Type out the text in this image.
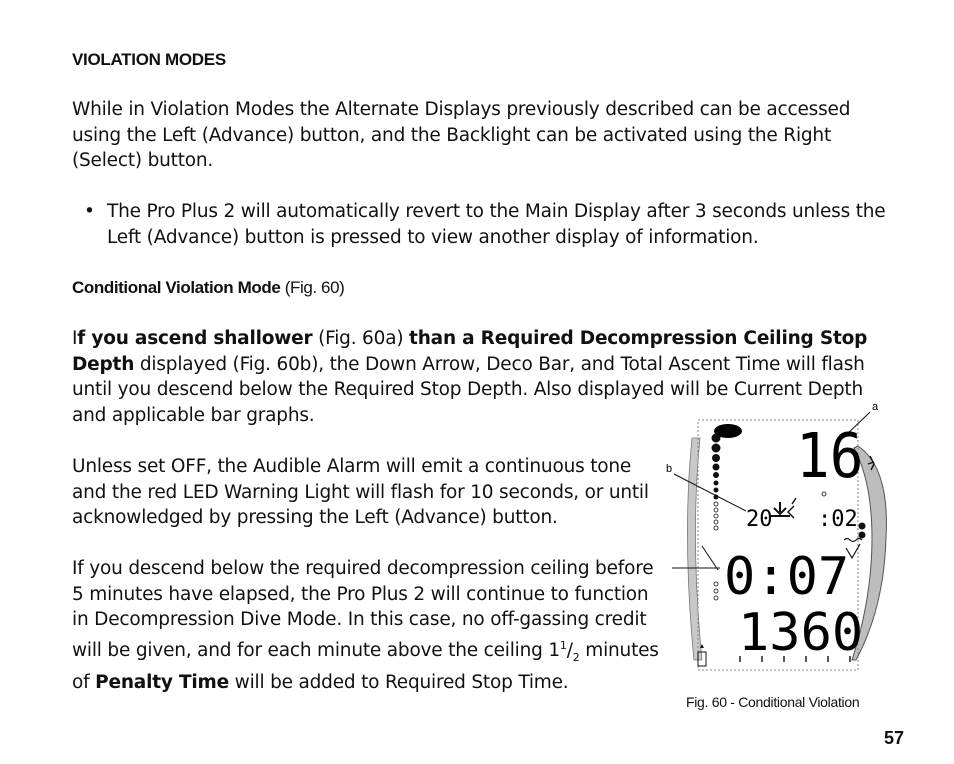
VIOLATION MODES
While in Violation Modes the Alternate Displays previously described can be accessed using the Left (Advance) button, and the Backlight can be activated using the Right (Select) button.
• The Pro Plus 2 will automatically revert to the Main Display after 3 seconds unless the Left (Advance) button is pressed to view another display of information.
Conditional Violation Mode (Fig. 60)
If you ascend shallower (Fig. 60a) than a Required Decompression Ceiling Stop Depth displayed (Fig. 60b), the Down Arrow, Deco Bar, and Total Ascent Time will flash until you descend below the Required Stop Depth. Also displayed will be Current Depth and applicable bar graphs.
Unless set OFF, the Audible Alarm will emit a continuous tone and the red LED Warning Light will flash for 10 seconds, or until acknowledged by pressing the Left (Advance) button.
If you descend below the required decompression ceiling before 5 minutes have elapsed, the Pro Plus 2 will continue to function in Decompression Dive Mode. In this case, no off-gassing credit will be given, and for each minute above the ceiling $1^1/_2$ minutes of Penalty Time will be added to Required Stop Time.
a
b 16
20 :02
0:07
1360
Fig. 60 - Conditional Violation
57
